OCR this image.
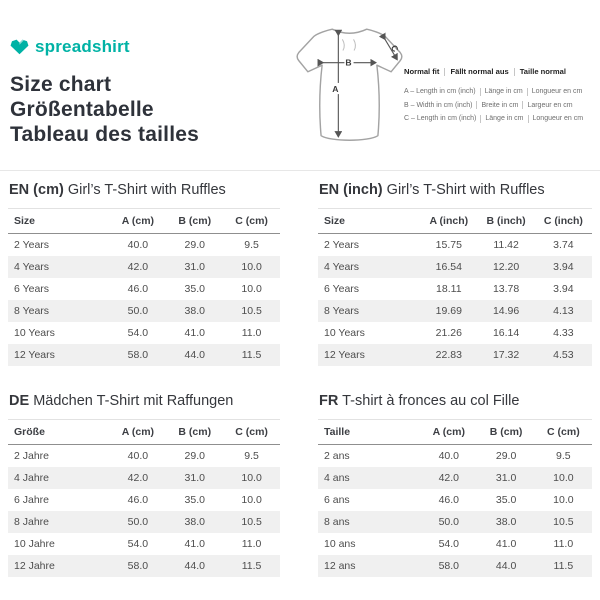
spreadshirt
Size chart
Größentabelle
Tableau des tailles
A
B
C
Normal fit Fällt normal aus Taille normal
A – Length in cm (inch) Länge in cm Longueur en cm
B – Width in cm (inch) Breite in cm Largeur en cm
C – Length in cm (inch) Länge in cm Longueur en cm
EN (cm) Girl’s T-Shirt with Ruffles
Size	A (cm)	B (cm)	C (cm)
2 Years	40.0	29.0	9.5
4 Years	42.0	31.0	10.0
6 Years	46.0	35.0	10.0
8 Years	50.0	38.0	10.5
10 Years	54.0	41.0	11.0
12 Years	58.0	44.0	11.5
EN (inch) Girl’s T-Shirt with Ruffles
Size	A (inch)	B (inch)	C (inch)
2 Years	15.75	11.42	3.74
4 Years	16.54	12.20	3.94
6 Years	18.11	13.78	3.94
8 Years	19.69	14.96	4.13
10 Years	21.26	16.14	4.33
12 Years	22.83	17.32	4.53
DE Mädchen T-Shirt mit Raffungen
Größe	A (cm)	B (cm)	C (cm)
2 Jahre	40.0	29.0	9.5
4 Jahre	42.0	31.0	10.0
6 Jahre	46.0	35.0	10.0
8 Jahre	50.0	38.0	10.5
10 Jahre	54.0	41.0	11.0
12 Jahre	58.0	44.0	11.5
FR T-shirt à fronces au col Fille
Taille	A (cm)	B (cm)	C (cm)
2 ans	40.0	29.0	9.5
4 ans	42.0	31.0	10.0
6 ans	46.0	35.0	10.0
8 ans	50.0	38.0	10.5
10 ans	54.0	41.0	11.0
12 ans	58.0	44.0	11.5
